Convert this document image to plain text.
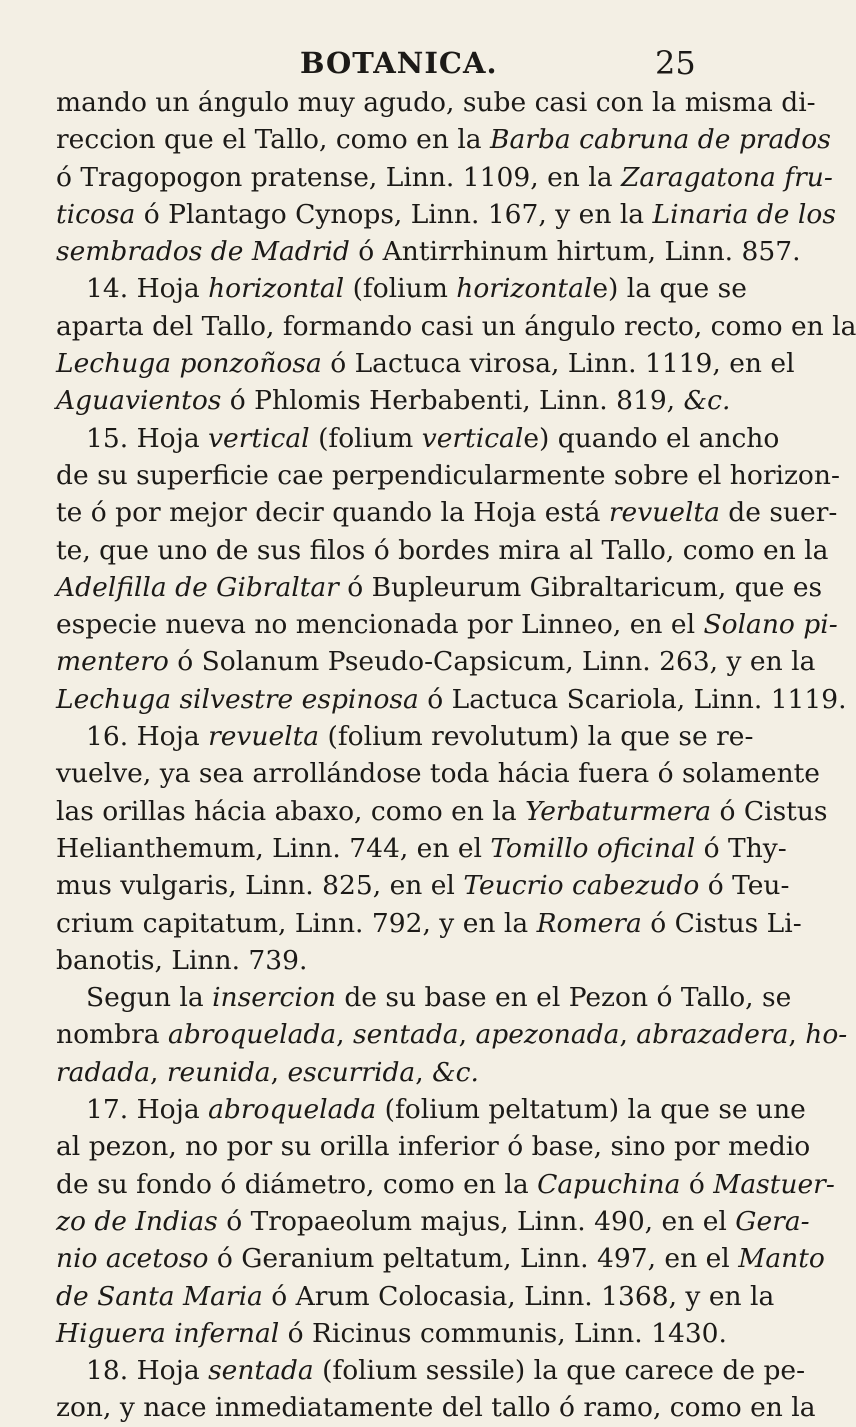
BOTANICA.	25
mando un ángulo muy agudo, sube casi con la misma di-
reccion que el Tallo, como en la Barba cabruna de prados
ó Tragopogon pratense, Linn. 1109, en la Zaragatona fru-
ticosa ó Plantago Cynops, Linn. 167, y en la Linaria de los
sembrados de Madrid ó Antirrhinum hirtum, Linn. 857.
14. Hoja horizontal (folium horizontale) la que se
aparta del Tallo, formando casi un ángulo recto, como en la
Lechuga ponzoñosa ó Lactuca virosa, Linn. 1119, en el
Aguavientos ó Phlomis Herbabenti, Linn. 819, &c.
15. Hoja vertical (folium verticale) quando el ancho
de su superficie cae perpendicularmente sobre el horizon-
te ó por mejor decir quando la Hoja está revuelta de suer-
te, que uno de sus filos ó bordes mira al Tallo, como en la
Adelfilla de Gibraltar ó Bupleurum Gibraltaricum, que es
especie nueva no mencionada por Linneo, en el Solano pi-
mentero ó Solanum Pseudo-Capsicum, Linn. 263, y en la
Lechuga silvestre espinosa ó Lactuca Scariola, Linn. 1119.
16. Hoja revuelta (folium revolutum) la que se re-
vuelve, ya sea arrollándose toda hácia fuera ó solamente
las orillas hácia abaxo, como en la Yerbaturmera ó Cistus
Helianthemum, Linn. 744, en el Tomillo oficinal ó Thy-
mus vulgaris, Linn. 825, en el Teucrio cabezudo ó Teu-
crium capitatum, Linn. 792, y en la Romera ó Cistus Li-
banotis, Linn. 739.
Segun la insercion de su base en el Pezon ó Tallo, se
nombra abroquelada, sentada, apezonada, abrazadera, ho-
radada, reunida, escurrida, &c.
17. Hoja abroquelada (folium peltatum) la que se une
al pezon, no por su orilla inferior ó base, sino por medio
de su fondo ó diámetro, como en la Capuchina ó Mastuer-
zo de Indias ó Tropaeolum majus, Linn. 490, en el Gera-
nio acetoso ó Geranium peltatum, Linn. 497, en el Manto
de Santa Maria ó Arum Colocasia, Linn. 1368, y en la
Higuera infernal ó Ricinus communis, Linn. 1430.
18. Hoja sentada (folium sessile) la que carece de pe-
zon, y nace inmediatamente del tallo ó ramo, como en la
